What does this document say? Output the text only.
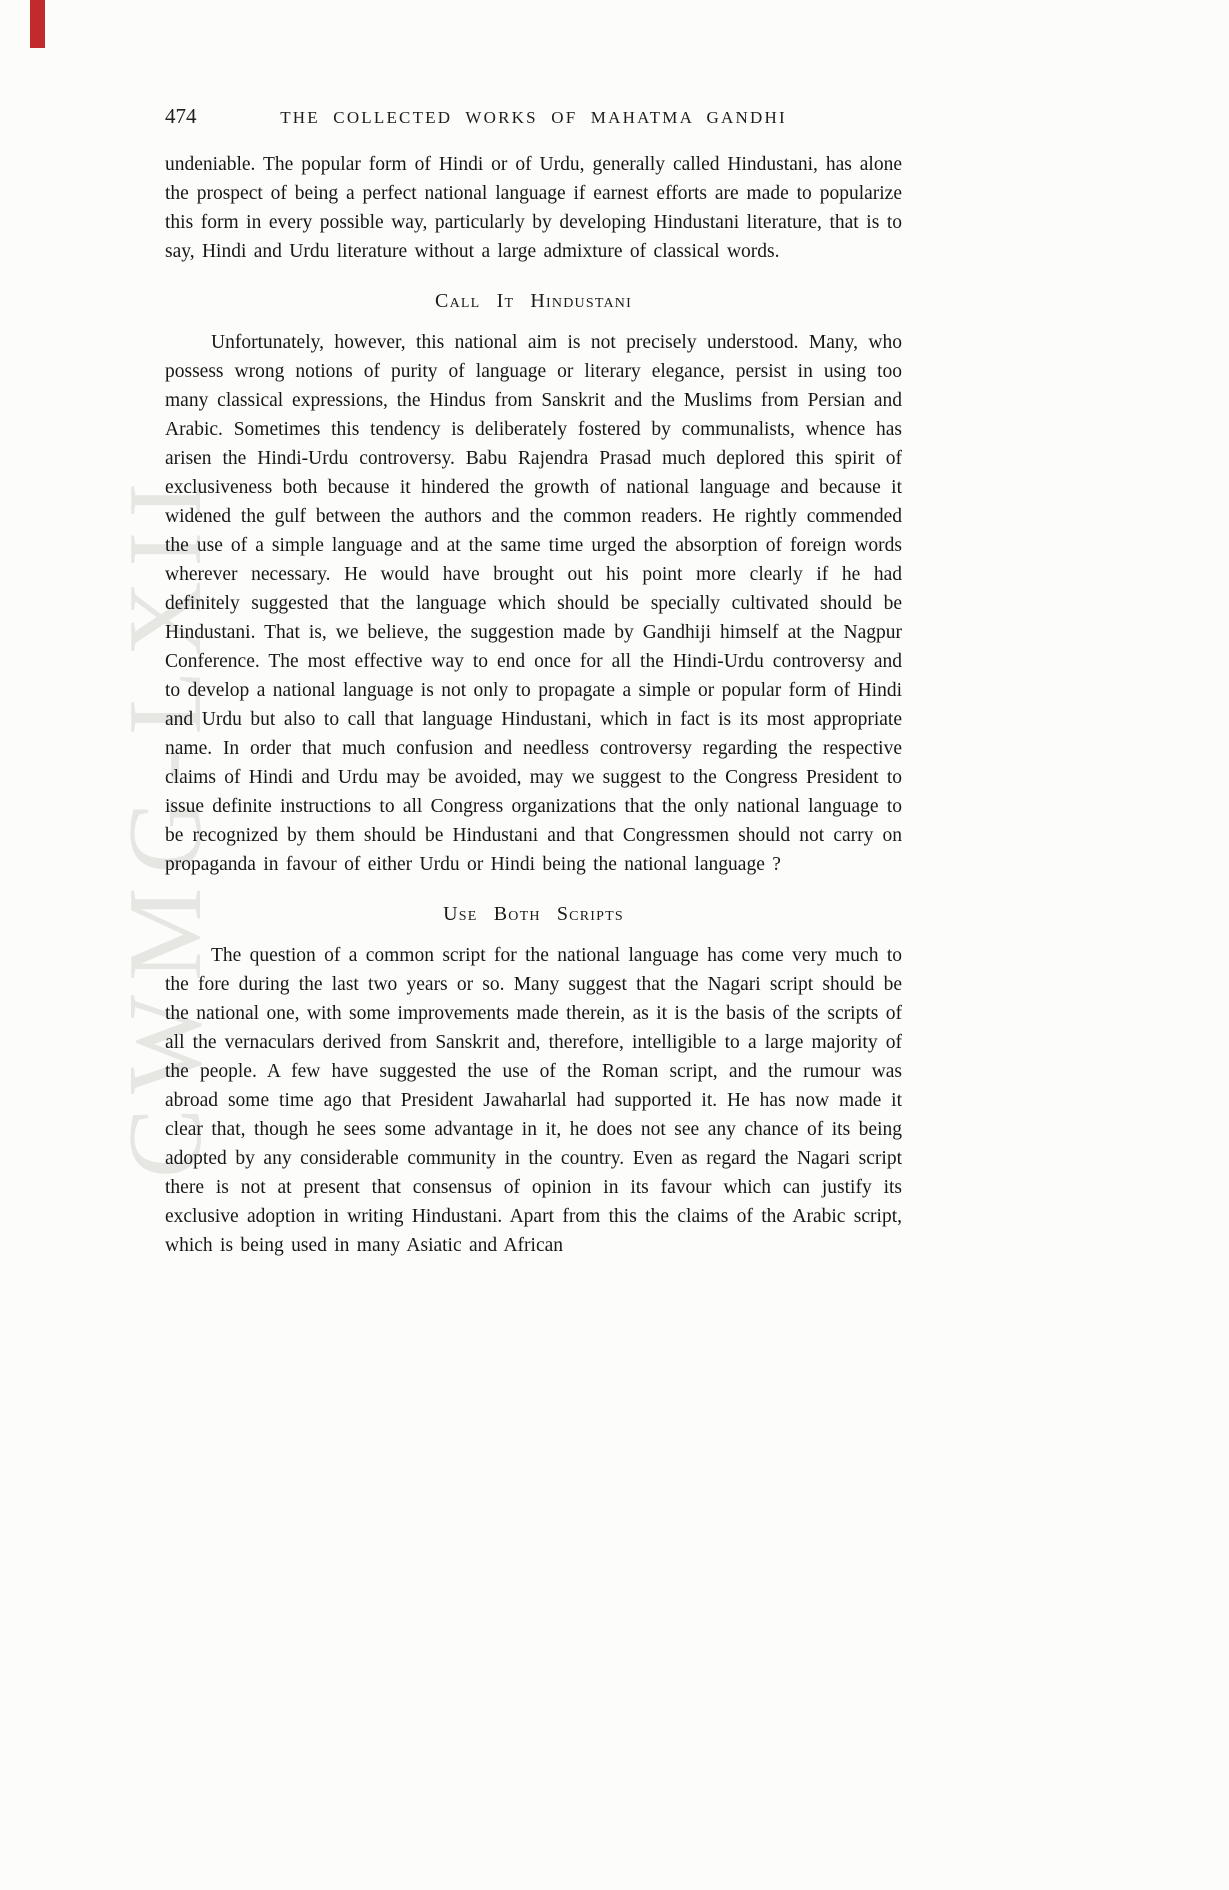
CWMG-LXII
474	THE COLLECTED WORKS OF MAHATMA GANDHI

undeniable. The popular form of Hindi or of Urdu, generally called Hindustani, has alone the prospect of being a perfect national language if earnest efforts are made to popularize this form in every possible way, particularly by developing Hindustani literature, that is to say, Hindi and Urdu literature without a large admixture of classical words.

Call It Hindustani

Unfortunately, however, this national aim is not precisely understood. Many, who possess wrong notions of purity of language or literary elegance, persist in using too many classical expressions, the Hindus from Sanskrit and the Muslims from Persian and Arabic. Sometimes this tendency is deliberately fostered by communalists, whence has arisen the Hindi-Urdu controversy. Babu Rajendra Prasad much deplored this spirit of exclusiveness both because it hindered the growth of national language and because it widened the gulf between the authors and the common readers. He rightly commended the use of a simple language and at the same time urged the absorption of foreign words wherever necessary. He would have brought out his point more clearly if he had definitely suggested that the language which should be specially cultivated should be Hindustani. That is, we believe, the suggestion made by Gandhiji himself at the Nagpur Conference. The most effective way to end once for all the Hindi-Urdu controversy and to develop a national language is not only to propagate a simple or popular form of Hindi and Urdu but also to call that language Hindustani, which in fact is its most appropriate name. In order that much confusion and needless controversy regarding the respective claims of Hindi and Urdu may be avoided, may we suggest to the Congress President to issue definite instructions to all Congress organizations that the only national language to be recognized by them should be Hindustani and that Congressmen should not carry on propaganda in favour of either Urdu or Hindi being the national language ?

Use Both Scripts

The question of a common script for the national language has come very much to the fore during the last two years or so. Many suggest that the Nagari script should be the national one, with some improvements made therein, as it is the basis of the scripts of all the vernaculars derived from Sanskrit and, therefore, intelligible to a large majority of the people. A few have suggested the use of the Roman script, and the rumour was abroad some time ago that President Jawaharlal had supported it. He has now made it clear that, though he sees some advantage in it, he does not see any chance of its being adopted by any considerable community in the country. Even as regard the Nagari script there is not at present that consensus of opinion in its favour which can justify its exclusive adoption in writing Hindustani. Apart from this the claims of the Arabic script, which is being used in many Asiatic and African
